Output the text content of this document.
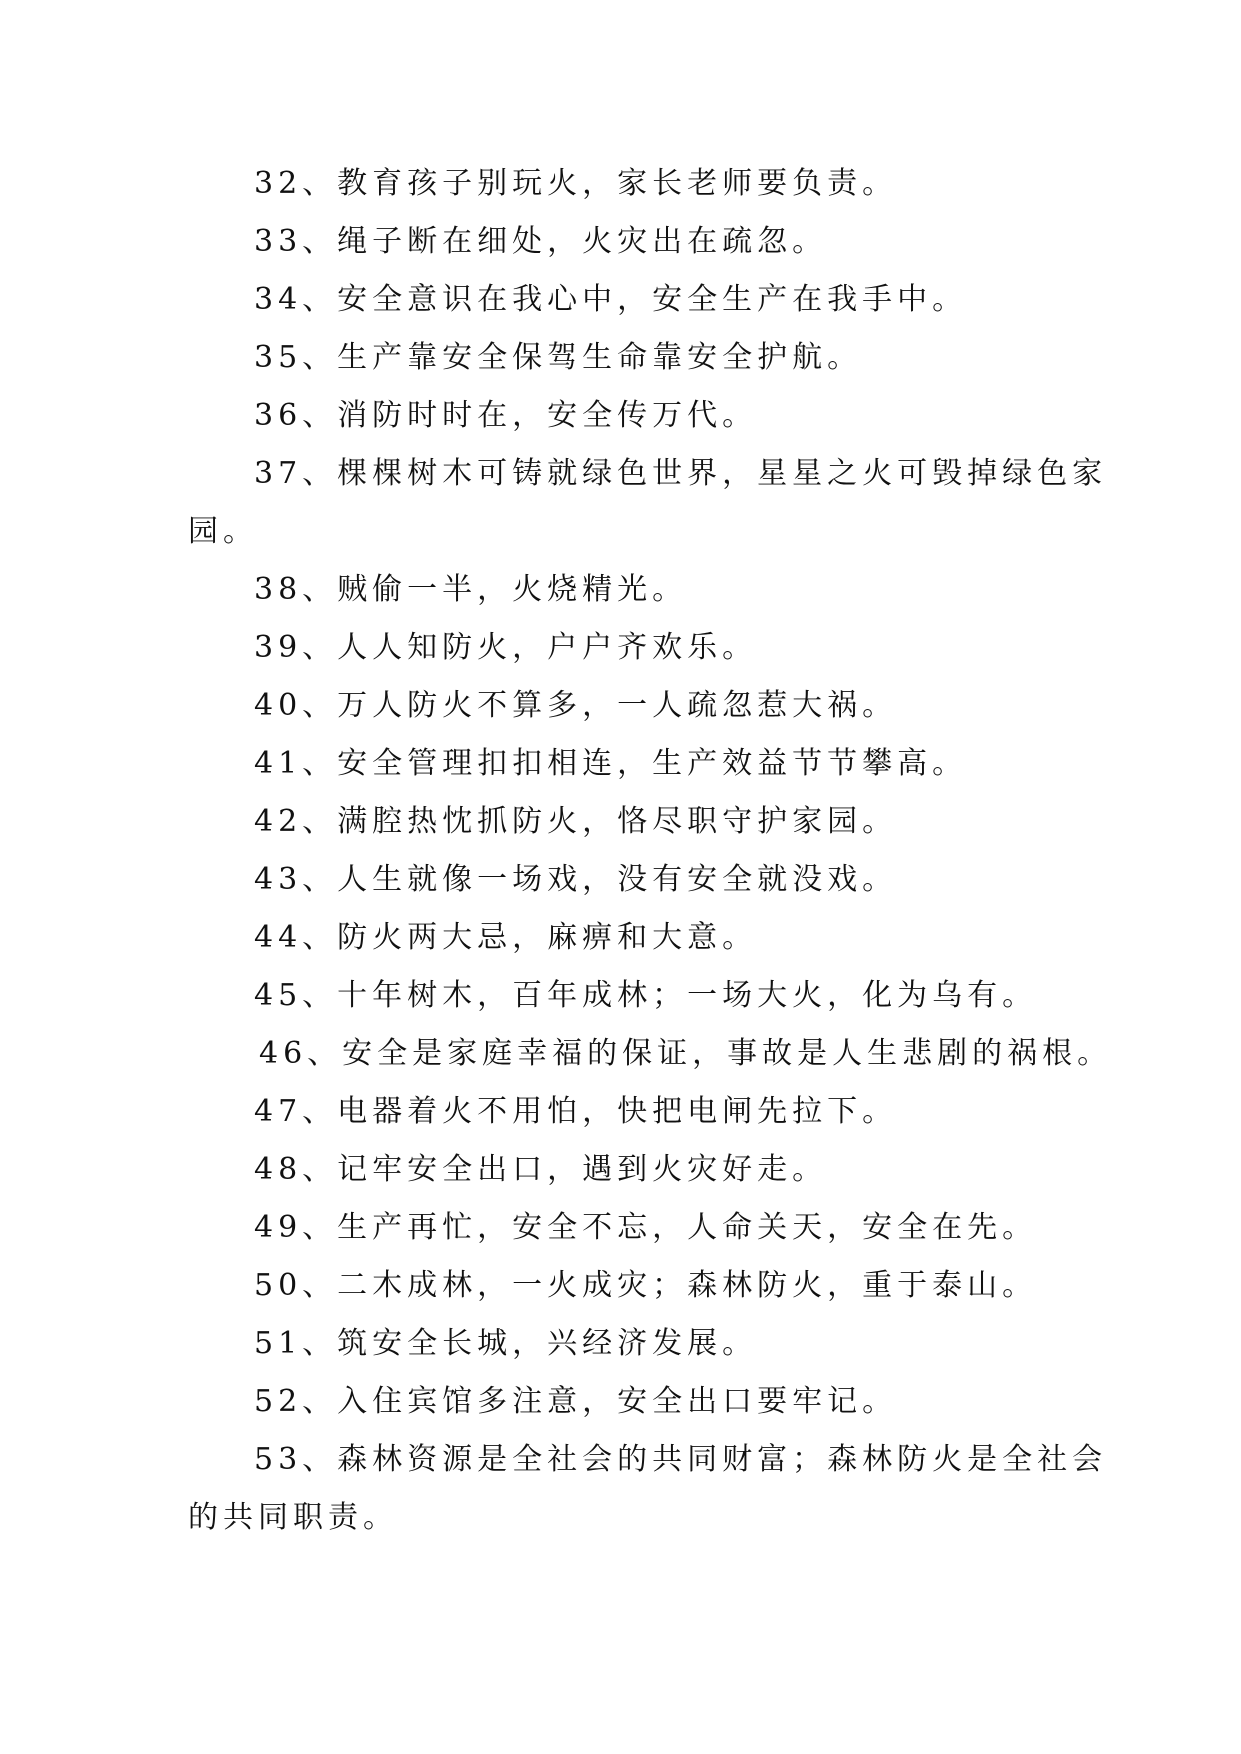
32、教育孩子别玩火，家长老师要负责。

33、绳子断在细处，火灾出在疏忽。

34、安全意识在我心中，安全生产在我手中。

35、生产靠安全保驾生命靠安全护航。

36、消防时时在，安全传万代。

37、棵棵树木可铸就绿色世界，星星之火可毁掉绿色家

园。

38、贼偷一半，火烧精光。

39、人人知防火，户户齐欢乐。

40、万人防火不算多，一人疏忽惹大祸。

41、安全管理扣扣相连，生产效益节节攀高。

42、满腔热忱抓防火，恪尽职守护家园。

43、人生就像一场戏，没有安全就没戏。

44、防火两大忌，麻痹和大意。

45、十年树木，百年成林；一场大火，化为乌有。

46、安全是家庭幸福的保证，事故是人生悲剧的祸根。

47、电器着火不用怕，快把电闸先拉下。

48、记牢安全出口，遇到火灾好走。

49、生产再忙，安全不忘，人命关天，安全在先。

50、二木成林，一火成灾；森林防火，重于泰山。

51、筑安全长城，兴经济发展。

52、入住宾馆多注意，安全出口要牢记。

53、森林资源是全社会的共同财富；森林防火是全社会

的共同职责。
